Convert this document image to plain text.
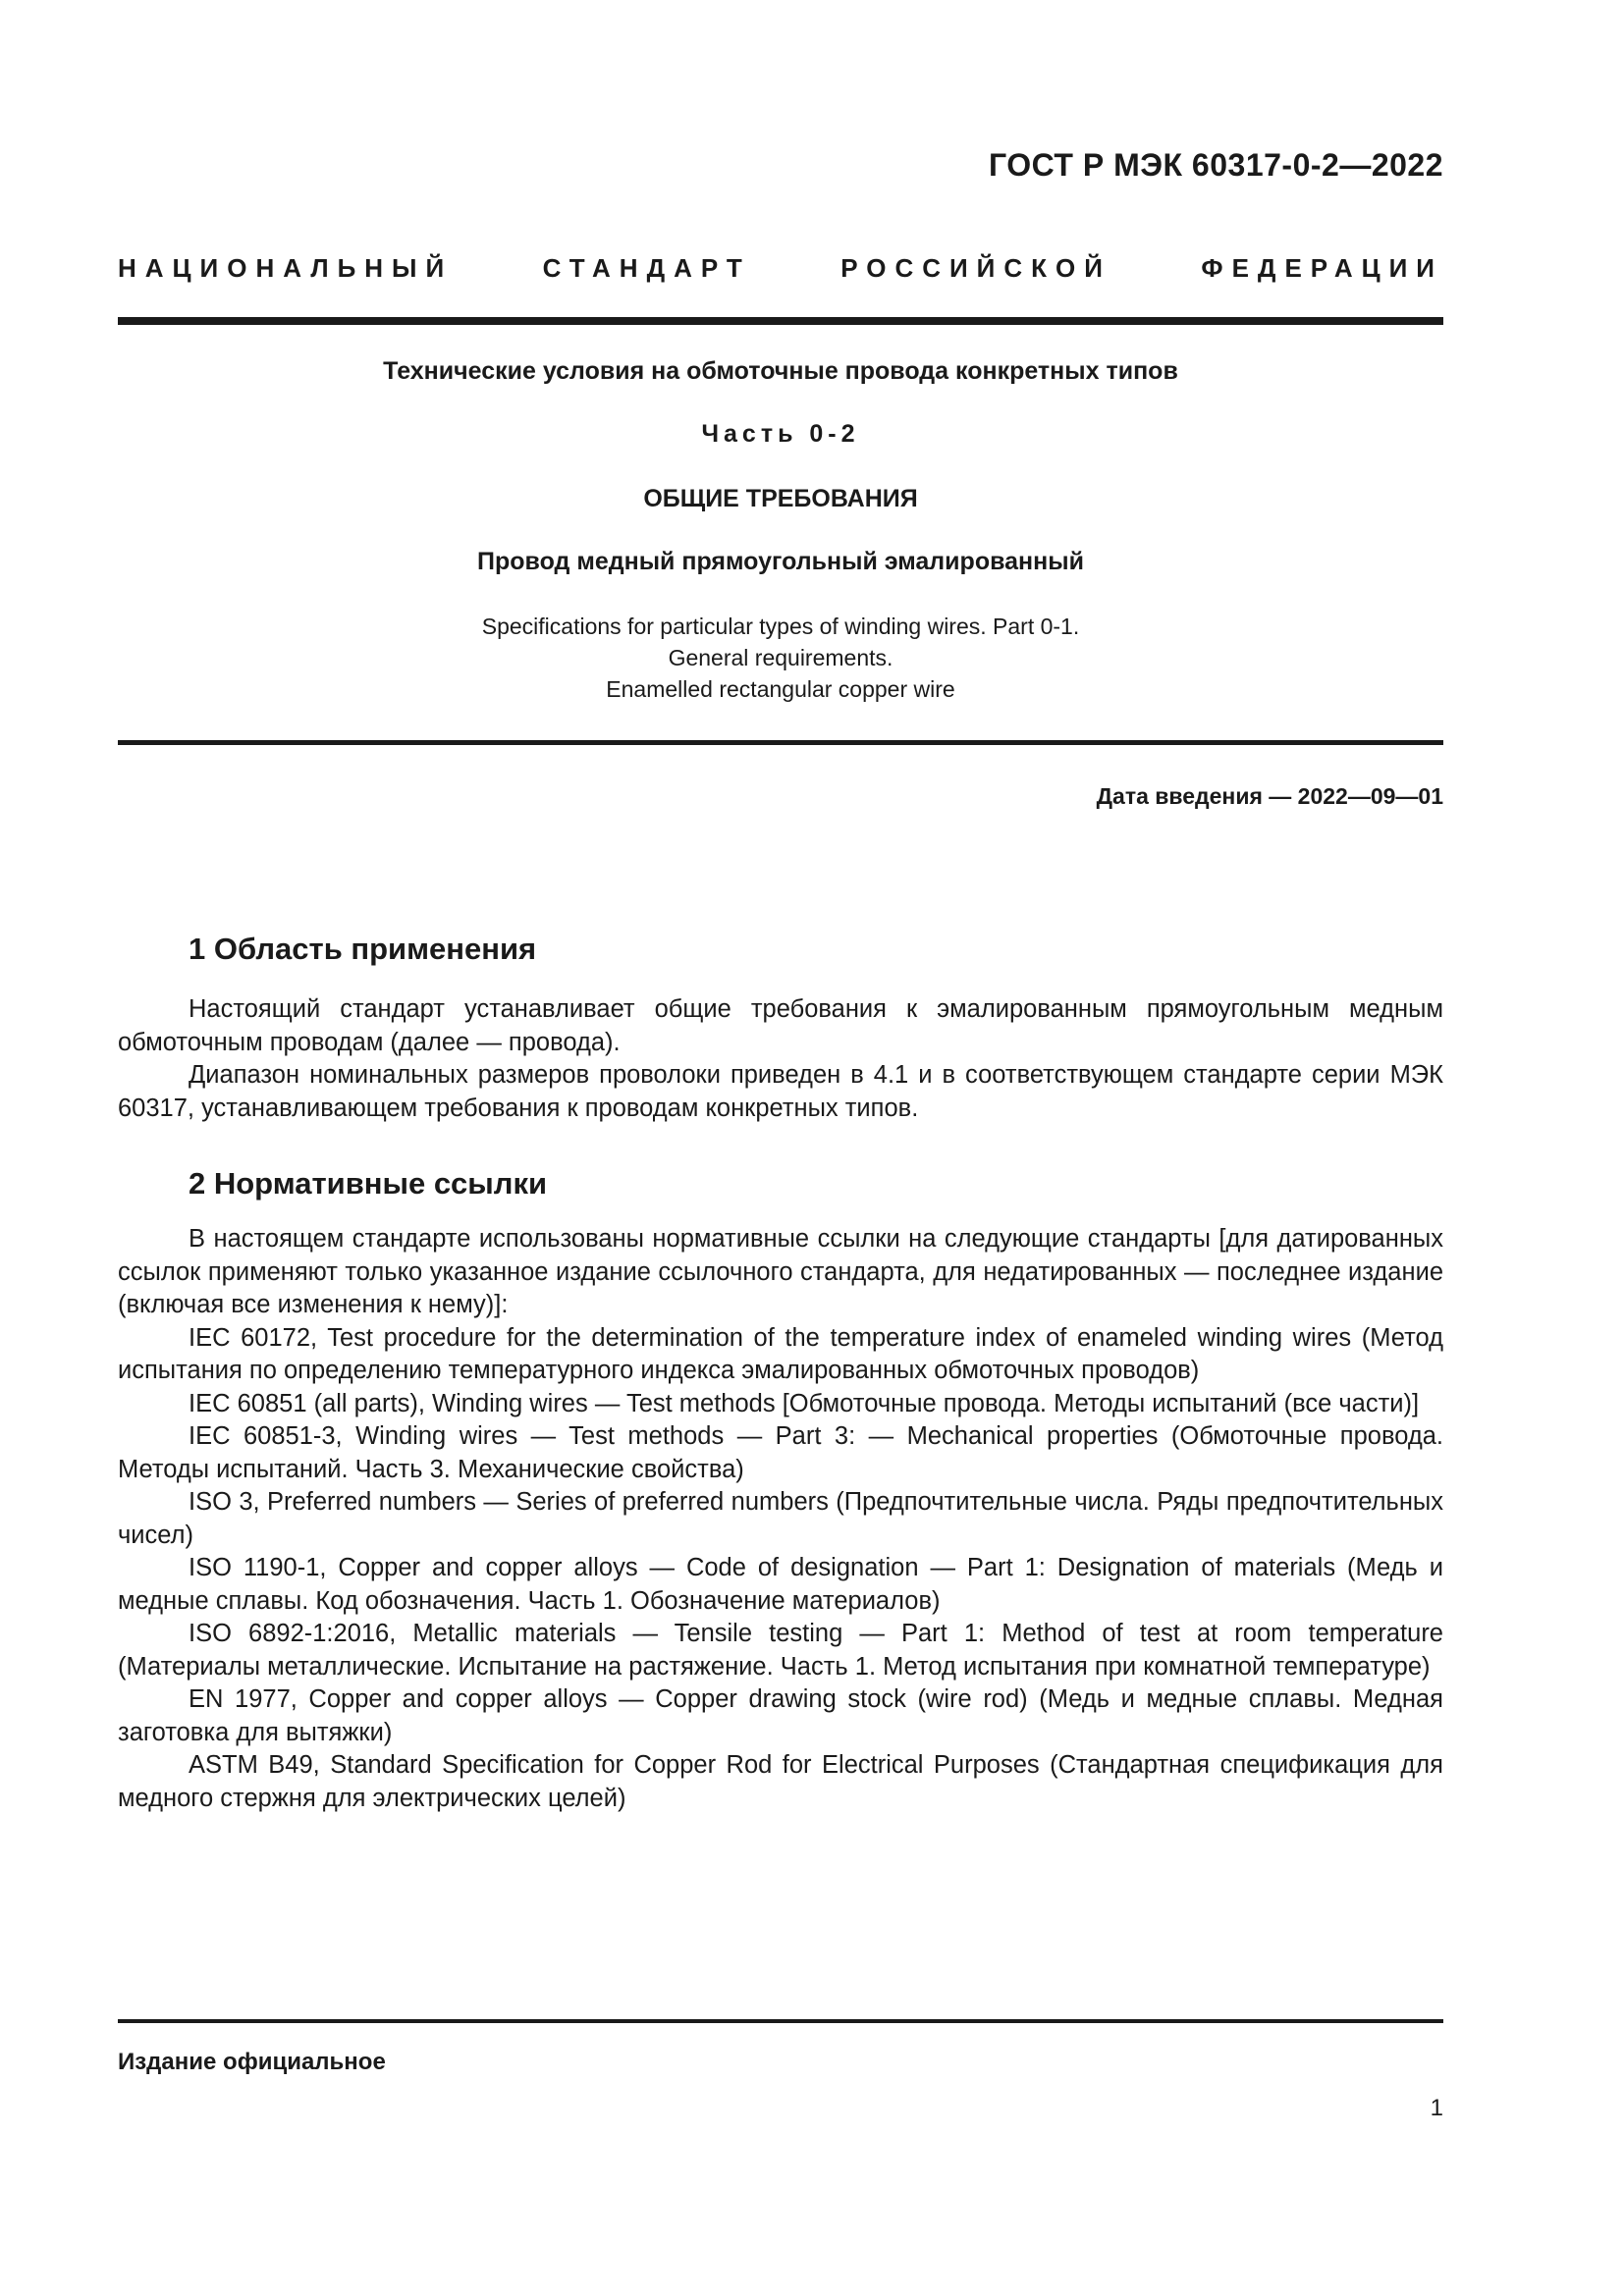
ГОСТ Р МЭК 60317-0-2—2022
НАЦИОНАЛЬНЫЙ СТАНДАРТ РОССИЙСКОЙ ФЕДЕРАЦИИ
Технические условия на обмоточные провода конкретных типов
Часть 0-2
ОБЩИЕ ТРЕБОВАНИЯ
Провод медный прямоугольный эмалированный
Specifications for particular types of winding wires. Part 0-1.
General requirements.
Enamelled rectangular copper wire
Дата введения — 2022—09—01
1 Область применения

Настоящий стандарт устанавливает общие требования к эмалированным прямоугольным медным обмоточным проводам (далее — провода).

Диапазон номинальных размеров проволоки приведен в 4.1 и в соответствующем стандарте серии МЭК 60317, устанавливающем требования к проводам конкретных типов.

2 Нормативные ссылки

В настоящем стандарте использованы нормативные ссылки на следующие стандарты [для датированных ссылок применяют только указанное издание ссылочного стандарта, для недатированных — последнее издание (включая все изменения к нему)]:

IEC 60172, Test procedure for the determination of the temperature index of enameled winding wires (Метод испытания по определению температурного индекса эмалированных обмоточных проводов)

IEC 60851 (all parts), Winding wires — Test methods [Обмоточные провода. Методы испытаний (все части)]

IEC 60851-3, Winding wires — Test methods — Part 3: — Mechanical properties (Обмоточные провода. Методы испытаний. Часть 3. Механические свойства)

ISO 3, Preferred numbers — Series of preferred numbers (Предпочтительные числа. Ряды предпочтительных чисел)

ISO 1190-1, Copper and copper alloys — Code of designation — Part 1: Designation of materials (Медь и медные сплавы. Код обозначения. Часть 1. Обозначение материалов)

ISO 6892-1:2016, Metallic materials — Tensile testing — Part 1: Method of test at room temperature (Материалы металлические. Испытание на растяжение. Часть 1. Метод испытания при комнатной температуре)

EN 1977, Copper and copper alloys — Copper drawing stock (wire rod) (Медь и медные сплавы. Медная заготовка для вытяжки)

ASTM B49, Standard Specification for Copper Rod for Electrical Purposes (Стандартная спецификация для медного стержня для электрических целей)

Издание официальное
1
